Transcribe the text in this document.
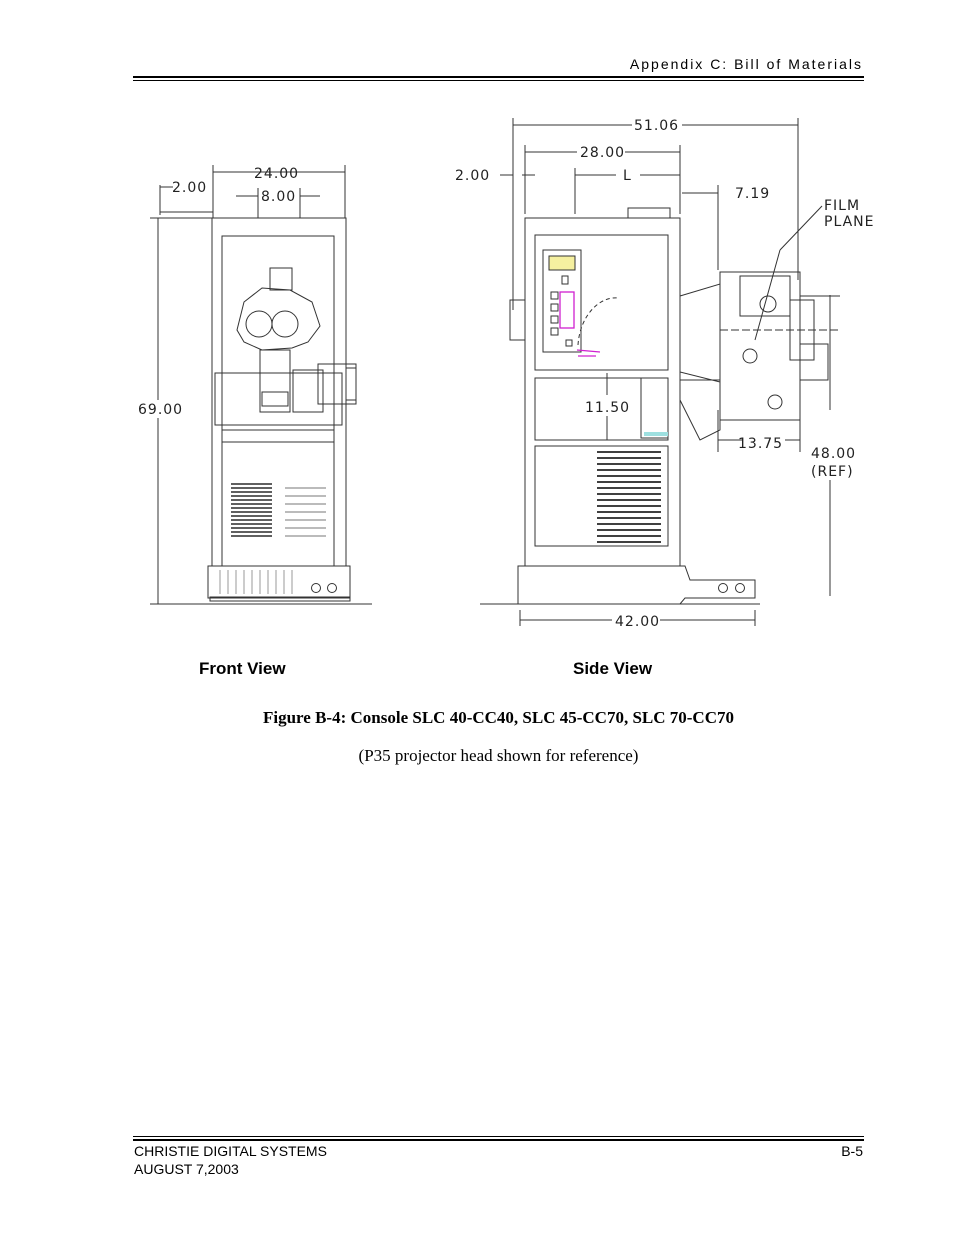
Appendix C: Bill of Materials
24.00
2.00
8.00
69.00
51.06
28.00
2.00	L
7.19
FILM
PLANE
11.50
13.75
48.00
(REF)
42.00
Front View	Side View
Figure B-4: Console SLC 40-CC40, SLC 45-CC70, SLC 70-CC70
(P35 projector head shown for reference)
CHRISTIE DIGITAL SYSTEMS
AUGUST 7,2003
B-5
